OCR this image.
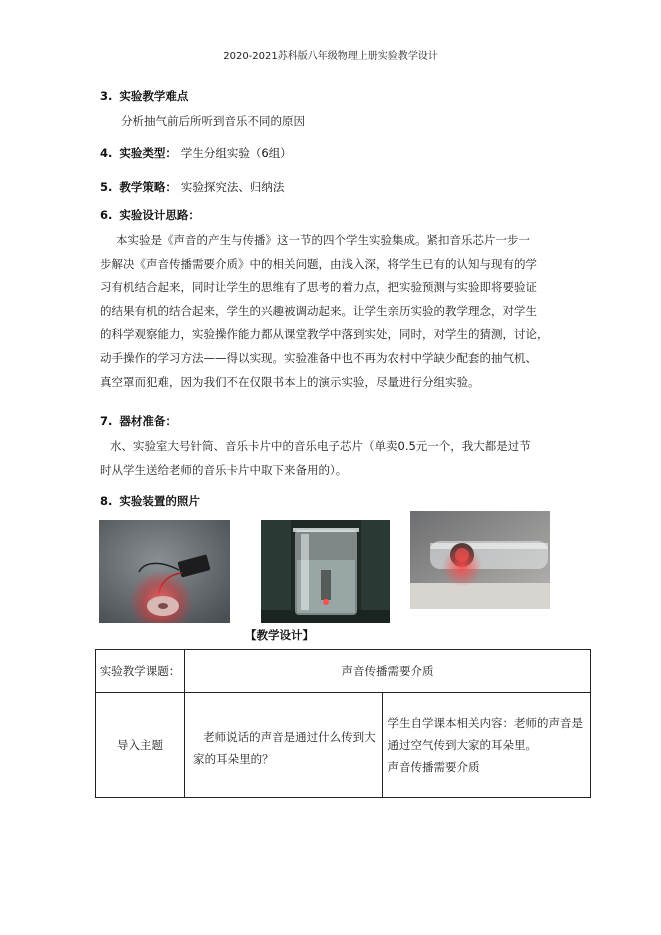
2020-2021苏科版八年级物理上册实验教学设计
3. 实验教学难点
分析抽气前后所听到音乐不同的原因
4. 实验类型： 学生分组实验（6组）
5. 教学策略： 实验探究法、归纳法
6. 实验设计思路：

本实验是《声音的产生与传播》这一节的四个学生实验集成。紧扣音乐芯片一步一

步解决《声音传播需要介质》中的相关问题，由浅入深，将学生已有的认知与现有的学

习有机结合起来，同时让学生的思维有了思考的着力点，把实验预测与实验即将要验证

的结果有机的结合起来，学生的兴趣被调动起来。让学生亲历实验的教学理念，对学生

的科学观察能力，实验操作能力都从课堂教学中落到实处，同时，对学生的猜测，讨论，

动手操作的学习方法——得以实现。实验准备中也不再为农村中学缺少配套的抽气机、

真空罩而犯难，因为我们不在仅限书本上的演示实验，尽量进行分组实验。

7. 器材准备：

水、实验室大号针筒、音乐卡片中的音乐电子芯片（单卖0.5元一个，我大都是过节

时从学生送给老师的音乐卡片中取下来备用的）。

8. 实验装置的照片
【教学设计】
实验教学课题：	声音传播需要介质	
导入主题	老师说话的声音是通过什么传到大家的耳朵里的？	学生自学课本相关内容：老师的声音是通过空气传到大家的耳朵里。
声音传播需要介质
